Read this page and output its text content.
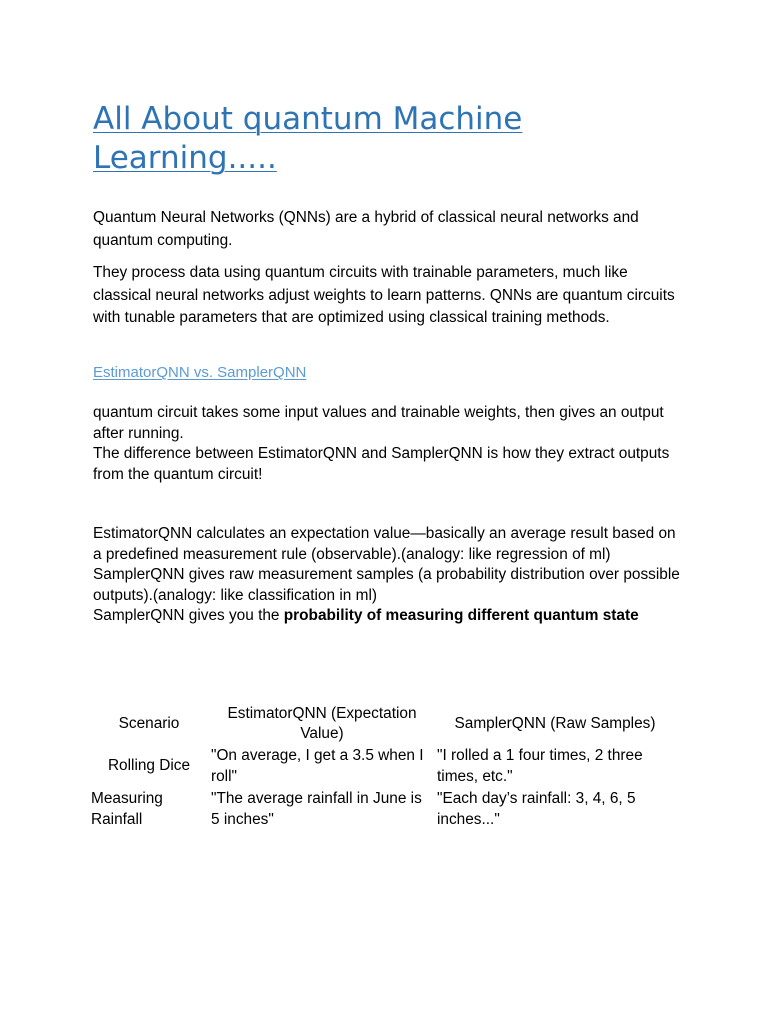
All About quantum Machine Learning.....

Quantum Neural Networks (QNNs) are a hybrid of classical neural networks and quantum computing.

They process data using quantum circuits with trainable parameters, much like classical neural networks adjust weights to learn patterns. QNNs are quantum circuits with tunable parameters that are optimized using classical training methods.

EstimatorQNN vs. SamplerQNN

quantum circuit takes some input values and trainable weights, then gives an output after running.

The difference between EstimatorQNN and SamplerQNN is how they extract outputs from the quantum circuit!

EstimatorQNN calculates an expectation value—basically an average result based on a predefined measurement rule (observable).(analogy: like regression of ml)

SamplerQNN gives raw measurement samples (a probability distribution over possible outputs).(analogy: like classification in ml)

SamplerQNN gives you the probability of measuring different quantum state

Scenario	EstimatorQNN (Expectation Value)	SamplerQNN (Raw Samples)
Rolling Dice	"On average, I get a 3.5 when I roll"	"I rolled a 1 four times, 2 three times, etc."
Measuring Rainfall	"The average rainfall in June is 5 inches"	"Each day’s rainfall: 3, 4, 6, 5 inches..."
